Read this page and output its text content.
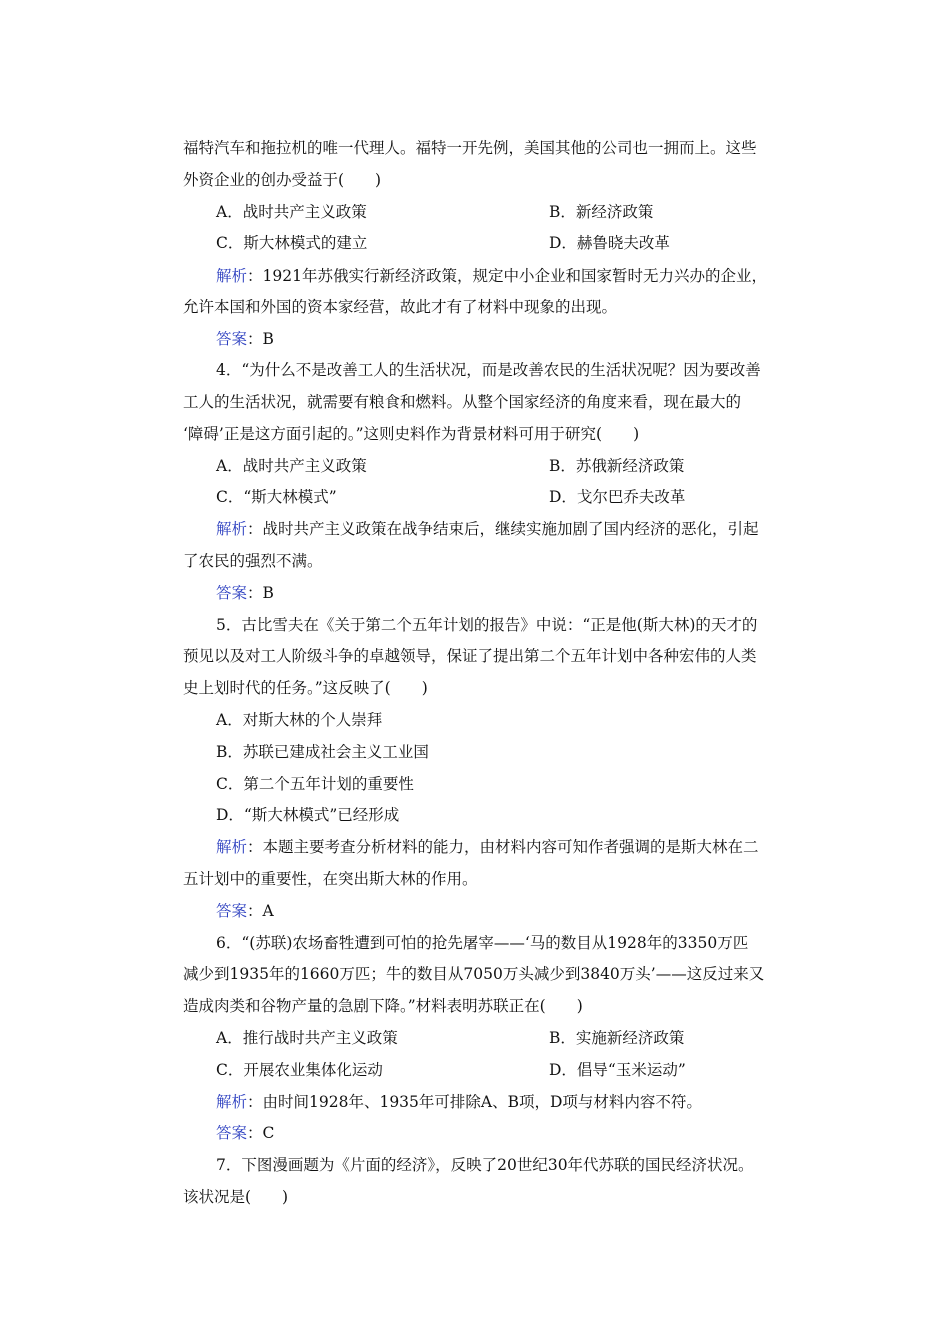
福特汽车和拖拉机的唯一代理人。福特一开先例，美国其他的公司也一拥而上。这些
外资企业的创办受益于(　　)
A．战时共产主义政策	B．新经济政策
C．斯大林模式的建立	D．赫鲁晓夫改革
解析：1921年苏俄实行新经济政策，规定中小企业和国家暂时无力兴办的企业，
允许本国和外国的资本家经营，故此才有了材料中现象的出现。
答案：B
4．“为什么不是改善工人的生活状况，而是改善农民的生活状况呢？因为要改善
工人的生活状况，就需要有粮食和燃料。从整个国家经济的角度来看，现在最大的
‘障碍’正是这方面引起的。”这则史料作为背景材料可用于研究(　　)
A．战时共产主义政策	B．苏俄新经济政策
C．“斯大林模式”	D．戈尔巴乔夫改革
解析：战时共产主义政策在战争结束后，继续实施加剧了国内经济的恶化，引起
了农民的强烈不满。
答案：B
5．古比雪夫在《关于第二个五年计划的报告》中说：“正是他(斯大林)的天才的
预见以及对工人阶级斗争的卓越领导，保证了提出第二个五年计划中各种宏伟的人类
史上划时代的任务。”这反映了(　　)
A．对斯大林的个人崇拜
B．苏联已建成社会主义工业国
C．第二个五年计划的重要性
D．“斯大林模式”已经形成
解析：本题主要考查分析材料的能力，由材料内容可知作者强调的是斯大林在二
五计划中的重要性，在突出斯大林的作用。
答案：A
6．“(苏联)农场畜牲遭到可怕的抢先屠宰——‘马的数目从1928年的3350万匹
减少到1935年的1660万匹；牛的数目从7050万头减少到3840万头’——这反过来又
造成肉类和谷物产量的急剧下降。”材料表明苏联正在(　　)
A．推行战时共产主义政策	B．实施新经济政策
C．开展农业集体化运动	D．倡导“玉米运动”
解析：由时间1928年、1935年可排除A、B项，D项与材料内容不符。
答案：C
7．下图漫画题为《片面的经济》，反映了20世纪30年代苏联的国民经济状况。
该状况是(　　)
